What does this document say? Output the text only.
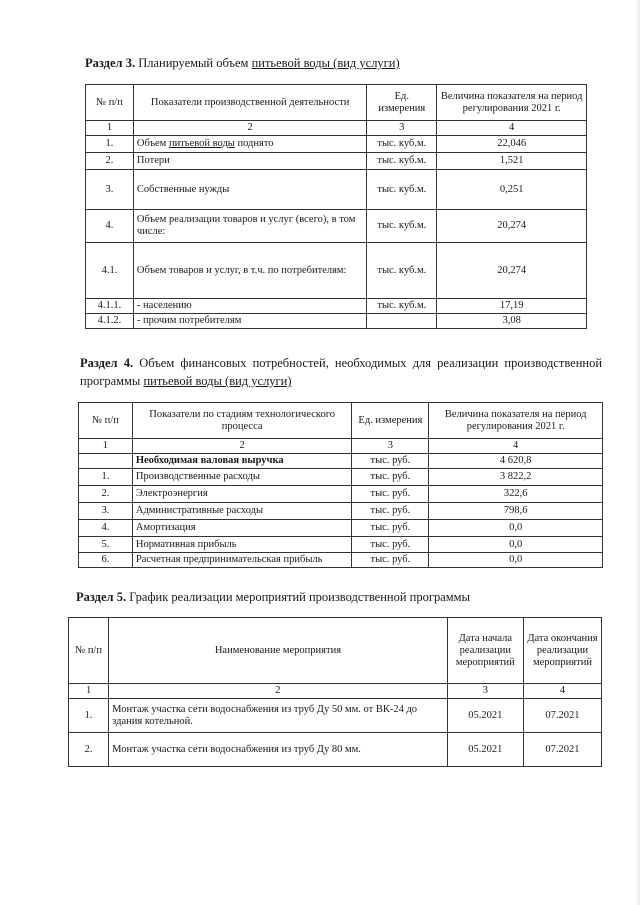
Раздел 3. Планируемый объем питьевой воды (вид услуги)
№ п/п	Показатели производственной деятельности	Ед. измерения	Величина показателя на период регулирования 2021 г.
1	2	3	4
1.	Объем питьевой воды поднято	тыс. куб.м.	22,046
2.	Потери	тыс. куб.м.	1,521
3.	Собственные нужды	тыс. куб.м.	0,251
4.	Объем реализации товаров и услуг (всего), в том числе:	тыс. куб.м.	20,274
4.1.	Объем товаров и услуг, в т.ч. по потребителям:	тыс. куб.м.	20,274
4.1.1.	- населению	тыс. куб.м.	17,19
4.1.2.	- прочим потребителям		3,08
Раздел 4. Объем финансовых потребностей, необходимых для реализации производственной
программы питьевой воды (вид услуги)
№ п/п	Показатели по стадиям технологического процесса	Ед. измерения	Величина показателя на период регулирования 2021 г.
1	2	3	4
	Необходимая валовая выручка	тыс. руб.	4 620,8
1.	Производственные расходы	тыс. руб.	3 822,2
2.	Электроэнергия	тыс. руб.	322,6
3.	Административные расходы	тыс. руб.	798,6
4.	Амортизация	тыс. руб.	0,0
5.	Нормативная прибыль	тыс. руб.	0,0
6.	Расчетная предпринимательская прибыль	тыс. руб.	0,0
Раздел 5. График реализации мероприятий производственной программы
№ п/п	Наименование мероприятия	Дата начала реализации мероприятий	Дата окончания реализации мероприятий
1	2	3	4
1.	Монтаж участка сети водоснабжения из труб Ду 50 мм. от ВК-24 до здания котельной.	05.2021	07.2021
2.	Монтаж участка сети водоснабжения из труб Ду 80 мм.	05.2021	07.2021
